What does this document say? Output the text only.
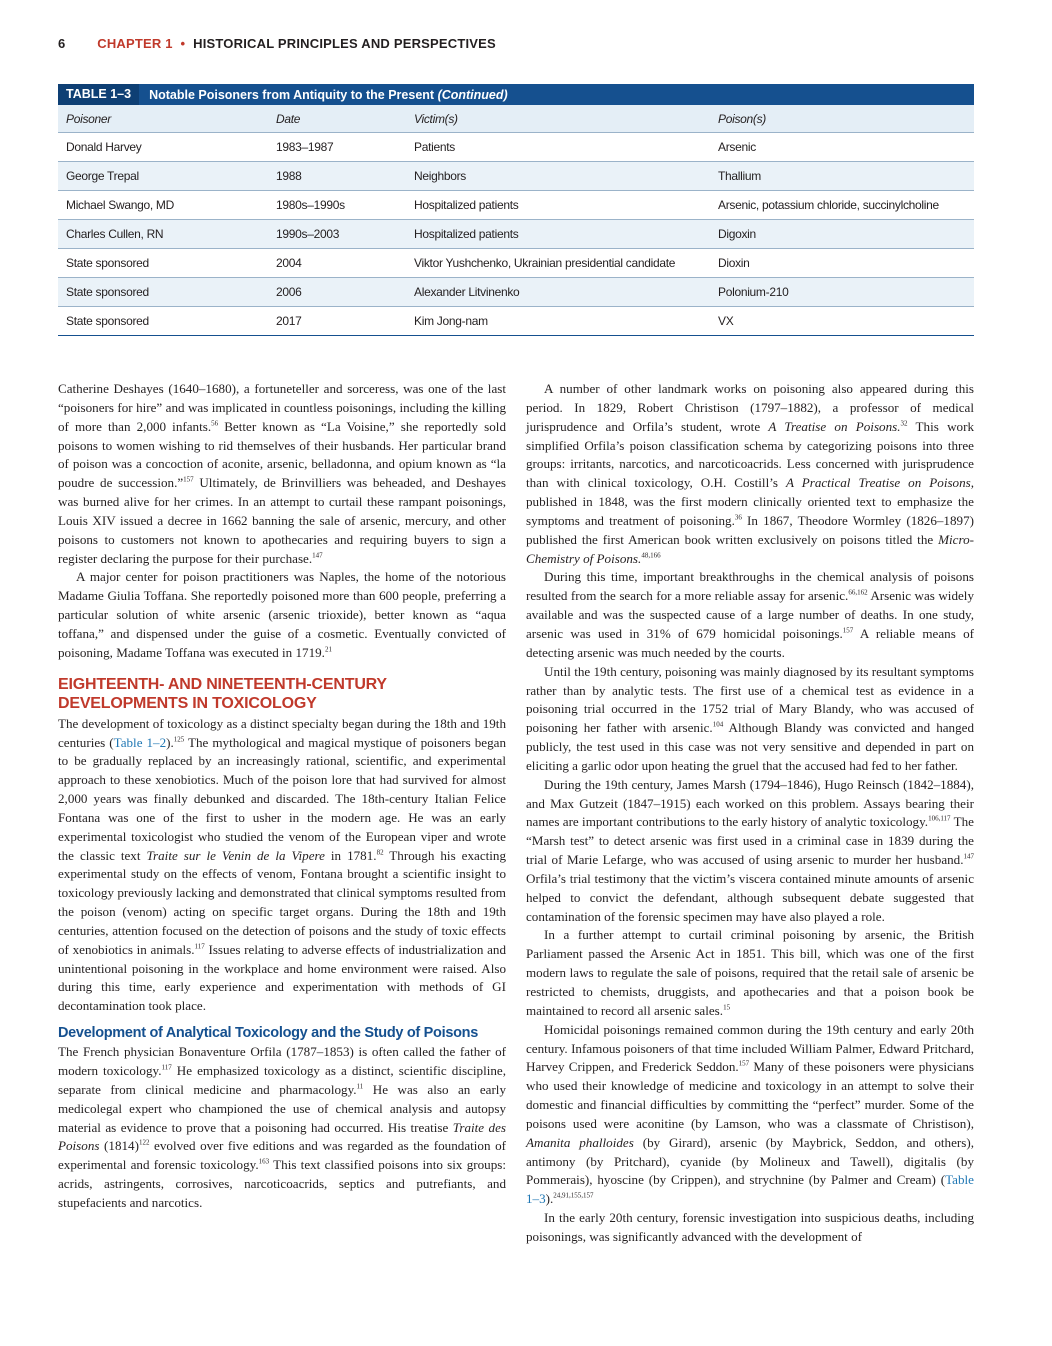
6 CHAPTER 1 • HISTORICAL PRINCIPLES AND PERSPECTIVES
TABLE 1–3	Notable Poisoners from Antiquity to the Present (Continued)
Poisoner	Date	Victim(s)	Poison(s)
Donald Harvey	1983–1987	Patients	Arsenic
George Trepal	1988	Neighbors	Thallium
Michael Swango, MD	1980s–1990s	Hospitalized patients	Arsenic, potassium chloride, succinylcholine
Charles Cullen, RN	1990s–2003	Hospitalized patients	Digoxin
State sponsored	2004	Viktor Yushchenko, Ukrainian presidential candidate	Dioxin
State sponsored	2006	Alexander Litvinenko	Polonium-210
State sponsored	2017	Kim Jong-nam	VX

Catherine Deshayes (1640–1680), a fortuneteller and sorceress, was one of the last “poisoners for hire” and was implicated in countless poisonings, including the killing of more than 2,000 infants.$^{56}$ Better known as “La Voisine,” she reportedly sold poisons to women wishing to rid themselves of their husbands. Her particular brand of poison was a concoction of aconite, arsenic, belladonna, and opium known as “la poudre de succession.”$^{157}$ Ultimately, de Brinvilliers was beheaded, and Deshayes was burned alive for her crimes. In an attempt to curtail these rampant poisonings, Louis XIV issued a decree in 1662 banning the sale of arsenic, mercury, and other poisons to customers not known to apothecaries and requiring buyers to sign a register declaring the purpose for their purchase.$^{147}$

A major center for poison practitioners was Naples, the home of the notorious Madame Giulia Toffana. She reportedly poisoned more than 600 people, preferring a particular solution of white arsenic (arsenic trioxide), better known as “aqua toffana,” and dispensed under the guise of a cosmetic. Eventually convicted of poisoning, Madame Toffana was executed in 1719.21

EIGHTEENTH- AND NINETEENTH-CENTURY DEVELOPMENTS IN TOXICOLOGY

The development of toxicology as a distinct specialty began during the 18th and 19th centuries (Table 1–2).$^{125}$ The mythological and magical mystique of poisoners began to be gradually replaced by an increasingly rational, scientific, and experimental approach to these xenobiotics. Much of the poison lore that had survived for almost 2,000 years was finally debunked and discarded. The 18th-century Italian Felice Fontana was one of the first to usher in the modern age. He was an early experimental toxicologist who studied the venom of the European viper and wrote the classic text Traite sur le Venin de la Vipere in 1781.82 Through his exacting experimental study on the effects of venom, Fontana brought a scientific insight to toxicology previously lacking and demonstrated that clinical symptoms resulted from the poison (venom) acting on specific target organs. During the 18th and 19th centuries, attention focused on the detection of poisons and the study of toxic effects of xenobiotics in animals.$^{117}$ Issues relating to adverse effects of industrialization and unintentional poisoning in the workplace and home environment were raised. Also during this time, early experience and experimentation with methods of GI decontamination took place.

Development of Analytical Toxicology and the Study of Poisons

The French physician Bonaventure Orfila (1787–1853) is often called the father of modern toxicology.$^{117}$ He emphasized toxicology as a distinct, scientific discipline, separate from clinical medicine and pharmacology.$^{11}$ He was also an early medicolegal expert who championed the use of chemical analysis and autopsy material as evidence to prove that a poisoning had occurred. His treatise Traite des Poisons $(1814)^{122}$ evolved over five editions and was regarded as the foundation of experimental and forensic toxicology.$^{163}$ This text classified poisons into six groups: acrids, astringents, corrosives, narcoticoacrids, septics and putrefiants, and stupefacients and narcotics.

A number of other landmark works on poisoning also appeared during this period. In 1829, Robert Christison (1797–1882), a professor of medical jurisprudence and Orfila’s student, wrote A Treatise on Poisons.$^{32}$ This work simplified Orfila’s poison classification schema by categorizing poisons into three groups: irritants, narcotics, and narcoticoacrids. Less concerned with jurisprudence than with clinical toxicology, O.H. Costill’s A Practical Treatise on Poisons, published in 1848, was the first modern clinically oriented text to emphasize the symptoms and treatment of poisoning.$^{36}$ In 1867, Theodore Wormley (1826–1897) published the first American book written exclusively on poisons titled the Micro-Chemistry of Poisons.$^{48,166}$

During this time, important breakthroughs in the chemical analysis of poisons resulted from the search for a more reliable assay for arsenic.$^{66,162}$ Arsenic was widely available and was the suspected cause of a large number of deaths. In one study, arsenic was used in 31% of 679 homicidal poisonings.$^{157}$ A reliable means of detecting arsenic was much needed by the courts.

Until the 19th century, poisoning was mainly diagnosed by its resultant symptoms rather than by analytic tests. The first use of a chemical test as evidence in a poisoning trial occurred in the 1752 trial of Mary Blandy, who was accused of poisoning her father with arsenic.$^{104}$ Although Blandy was convicted and hanged publicly, the test used in this case was not very sensitive and depended in part on eliciting a garlic odor upon heating the gruel that the accused had fed to her father.

During the 19th century, James Marsh (1794–1846), Hugo Reinsch (1842–1884), and Max Gutzeit (1847–1915) each worked on this problem. Assays bearing their names are important contributions to the early history of analytic toxicology.$^{106,117}$ The “Marsh test” to detect arsenic was first used in a criminal case in 1839 during the trial of Marie Lefarge, who was accused of using arsenic to murder her husband.$^{147}$ Orfila’s trial testimony that the victim’s viscera contained minute amounts of arsenic helped to convict the defendant, although subsequent debate suggested that contamination of the forensic specimen may have also played a role.

In a further attempt to curtail criminal poisoning by arsenic, the British Parliament passed the Arsenic Act in 1851. This bill, which was one of the first modern laws to regulate the sale of poisons, required that the retail sale of arsenic be restricted to chemists, druggists, and apothecaries and that a poison book be maintained to record all arsenic sales.$^{15}$

Homicidal poisonings remained common during the 19th century and early 20th century. Infamous poisoners of that time included William Palmer, Edward Pritchard, Harvey Crippen, and Frederick Seddon.$^{157}$ Many of these poisoners were physicians who used their knowledge of medicine and toxicology in an attempt to solve their domestic and financial difficulties by committing the “perfect” murder. Some of the poisons used were aconitine (by Lamson, who was a classmate of Christison), Amanita phalloides (by Girard), arsenic (by Maybrick, Seddon, and others), antimony (by Pritchard), cyanide (by Molineux and Tawell), digitalis (by Pommerais), hyoscine (by Crippen), and strychnine (by Palmer and Cream) (Table 1–3).$^{24,91,155,157}$

In the early 20th century, forensic investigation into suspicious deaths, including poisonings, was significantly advanced with the development of
